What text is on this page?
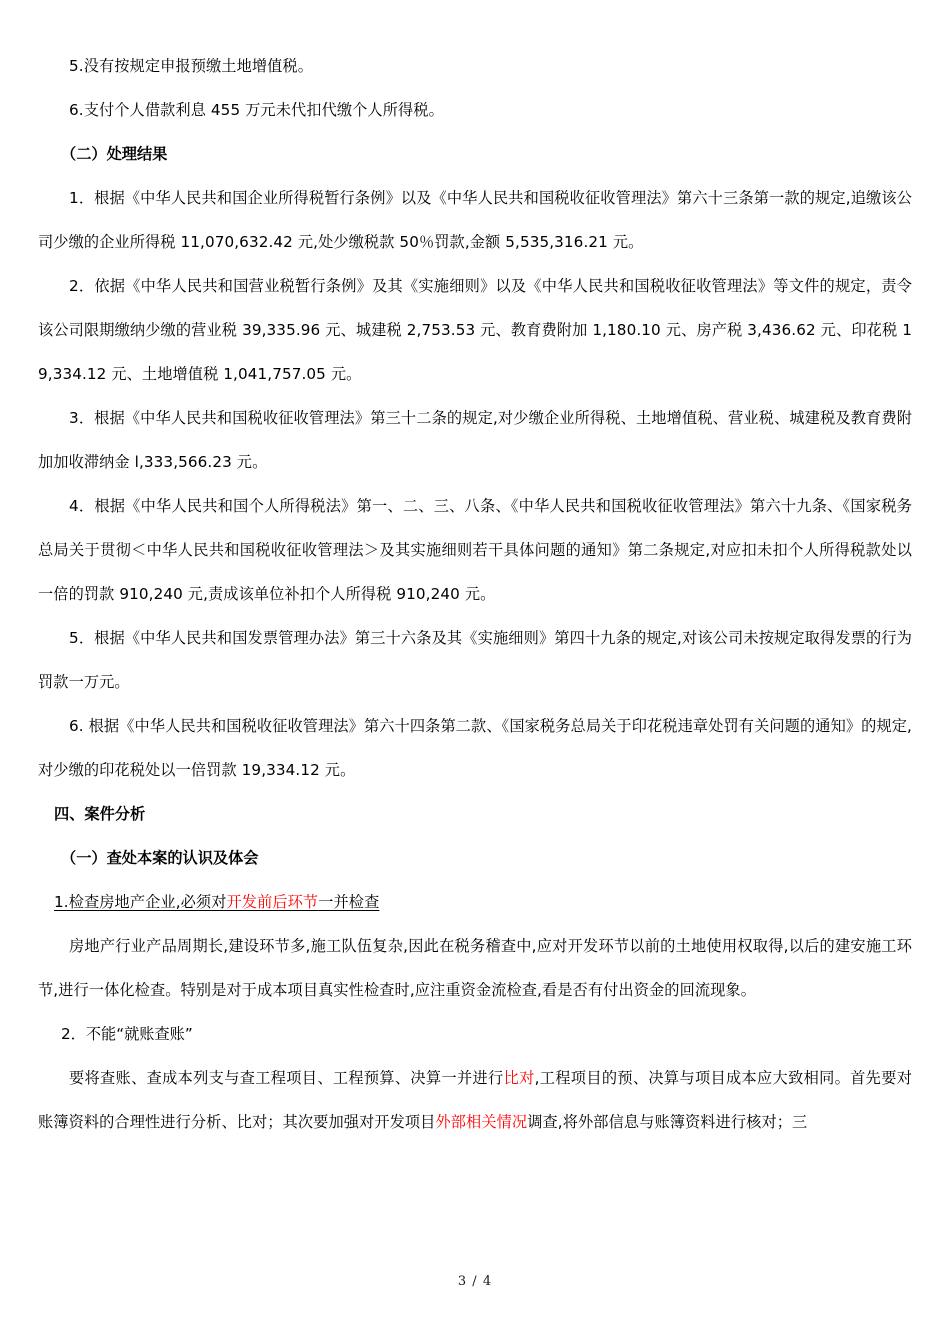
5.没有按规定申报预缴土地增值税。

6.支付个人借款利息 455 万元未代扣代缴个人所得税。

（二）处理结果

1．根据《中华人民共和国企业所得税暂行条例》以及《中华人民共和国税收征收管理法》第六十三条第一款的规定,追缴该公司少缴的企业所得税 11,070,632.42 元,处少缴税款 50％罚款,金额 5,535,316.21 元。

2．依据《中华人民共和国营业税暂行条例》及其《实施细则》以及《中华人民共和国税收征收管理法》等文件的规定，责令该公司限期缴纳少缴的营业税 39,335.96 元、城建税 2,753.53 元、教育费附加 1,180.10 元、房产税 3,436.62 元、印花税 19,334.12 元、土地增值税 1,041,757.05 元。

3．根据《中华人民共和国税收征收管理法》第三十二条的规定,对少缴企业所得税、土地增值税、营业税、城建税及教育费附加加收滞纳金 l,333,566.23 元。

4．根据《中华人民共和国个人所得税法》第一、二、三、八条、《中华人民共和国税收征收管理法》第六十九条、《国家税务总局关于贯彻＜中华人民共和国税收征收管理法＞及其实施细则若干具体问题的通知》第二条规定,对应扣未扣个人所得税款处以一倍的罚款 910,240 元,责成该单位补扣个人所得税 910,240 元。

5．根据《中华人民共和国发票管理办法》第三十六条及其《实施细则》第四十九条的规定,对该公司未按规定取得发票的行为罚款一万元。

6. 根据《中华人民共和国税收征收管理法》第六十四条第二款、《国家税务总局关于印花税违章处罚有关问题的通知》的规定,对少缴的印花税处以一倍罚款 19,334.12 元。

四、案件分析

（一）查处本案的认识及体会

1.检查房地产企业,必须对开发前后环节一并检查

房地产行业产品周期长,建设环节多,施工队伍复杂,因此在税务稽查中,应对开发环节以前的土地使用权取得,以后的建安施工环节,进行一体化检查。特别是对于成本项目真实性检查时,应注重资金流检查,看是否有付出资金的回流现象。

2．不能“就账查账”

要将查账、查成本列支与查工程项目、工程预算、决算一并进行比对,工程项目的预、决算与项目成本应大致相同。首先要对账簿资料的合理性进行分析、比对；其次要加强对开发项目外部相关情况调查,将外部信息与账簿资料进行核对；三

3 / 4
